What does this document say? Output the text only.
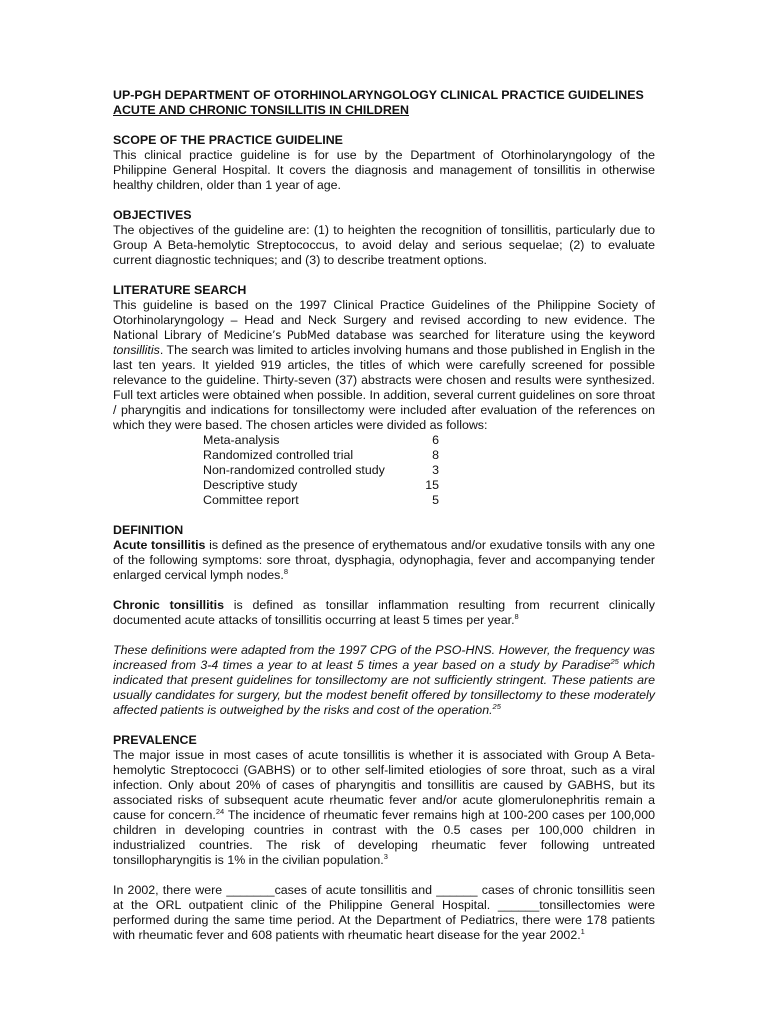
UP-PGH DEPARTMENT OF OTORHINOLARYNGOLOGY CLINICAL PRACTICE GUIDELINES
ACUTE AND CHRONIC TONSILLITIS IN CHILDREN
SCOPE OF THE PRACTICE GUIDELINE

This clinical practice guideline is for use by the Department of Otorhinolaryngology of the Philippine General Hospital. It covers the diagnosis and management of tonsillitis in otherwise healthy children, older than 1 year of age.

OBJECTIVES

The objectives of the guideline are: (1) to heighten the recognition of tonsillitis, particularly due to Group A Beta-hemolytic Streptococcus, to avoid delay and serious sequelae; (2) to evaluate current diagnostic techniques; and (3) to describe treatment options.

LITERATURE SEARCH

This guideline is based on the 1997 Clinical Practice Guidelines of the Philippine Society of Otorhinolaryngology – Head and Neck Surgery and revised according to new evidence. The National Library of Medicine’s PubMed database was searched for literature using the keyword tonsillitis. The search was limited to articles involving humans and those published in English in the last ten years. It yielded 919 articles, the titles of which were carefully screened for possible relevance to the guideline. Thirty-seven (37) abstracts were chosen and results were synthesized. Full text articles were obtained when possible. In addition, several current guidelines on sore throat / pharyngitis and indications for tonsillectomy were included after evaluation of the references on which they were based. The chosen articles were divided as follows:

Meta-analysis	6
Randomized controlled trial	8
Non-randomized controlled study	3
Descriptive study	15
Committee report	5
DEFINITION

Acute tonsillitis is defined as the presence of erythematous and/or exudative tonsils with any one of the following symptoms: sore throat, dysphagia, odynophagia, fever and accompanying tender enlarged cervical lymph nodes.$^8$

Chronic tonsillitis is defined as tonsillar inflammation resulting from recurrent clinically documented acute attacks of tonsillitis occurring at least 5 times per year.$^8$

These definitions were adapted from the 1997 CPG of the PSO-HNS. However, the frequency was increased from 3-4 times a year to at least 5 times a year based on a study by Paradise$^{25}$ which indicated that present guidelines for tonsillectomy are not sufficiently stringent. These patients are usually candidates for surgery, but the modest benefit offered by tonsillectomy to these moderately affected patients is outweighed by the risks and cost of the operation.$^{25}$

PREVALENCE

The major issue in most cases of acute tonsillitis is whether it is associated with Group A Beta-hemolytic Streptococci (GABHS) or to other self-limited etiologies of sore throat, such as a viral infection. Only about 20% of cases of pharyngitis and tonsillitis are caused by GABHS, but its associated risks of subsequent acute rheumatic fever and/or acute glomerulonephritis remain a cause for concern.$^{24}$ The incidence of rheumatic fever remains high at 100-200 cases per 100,000 children in developing countries in contrast with the 0.5 cases per 100,000 children in industrialized countries. The risk of developing rheumatic fever following untreated tonsillopharyngitis is 1% in the civilian population.$^3$

In 2002, there were _______cases of acute tonsillitis and ______ cases of chronic tonsillitis seen at the ORL outpatient clinic of the Philippine General Hospital. ______tonsillectomies were performed during the same time period. At the Department of Pediatrics, there were 178 patients with rheumatic fever and 608 patients with rheumatic heart disease for the year 2002.$^1$
